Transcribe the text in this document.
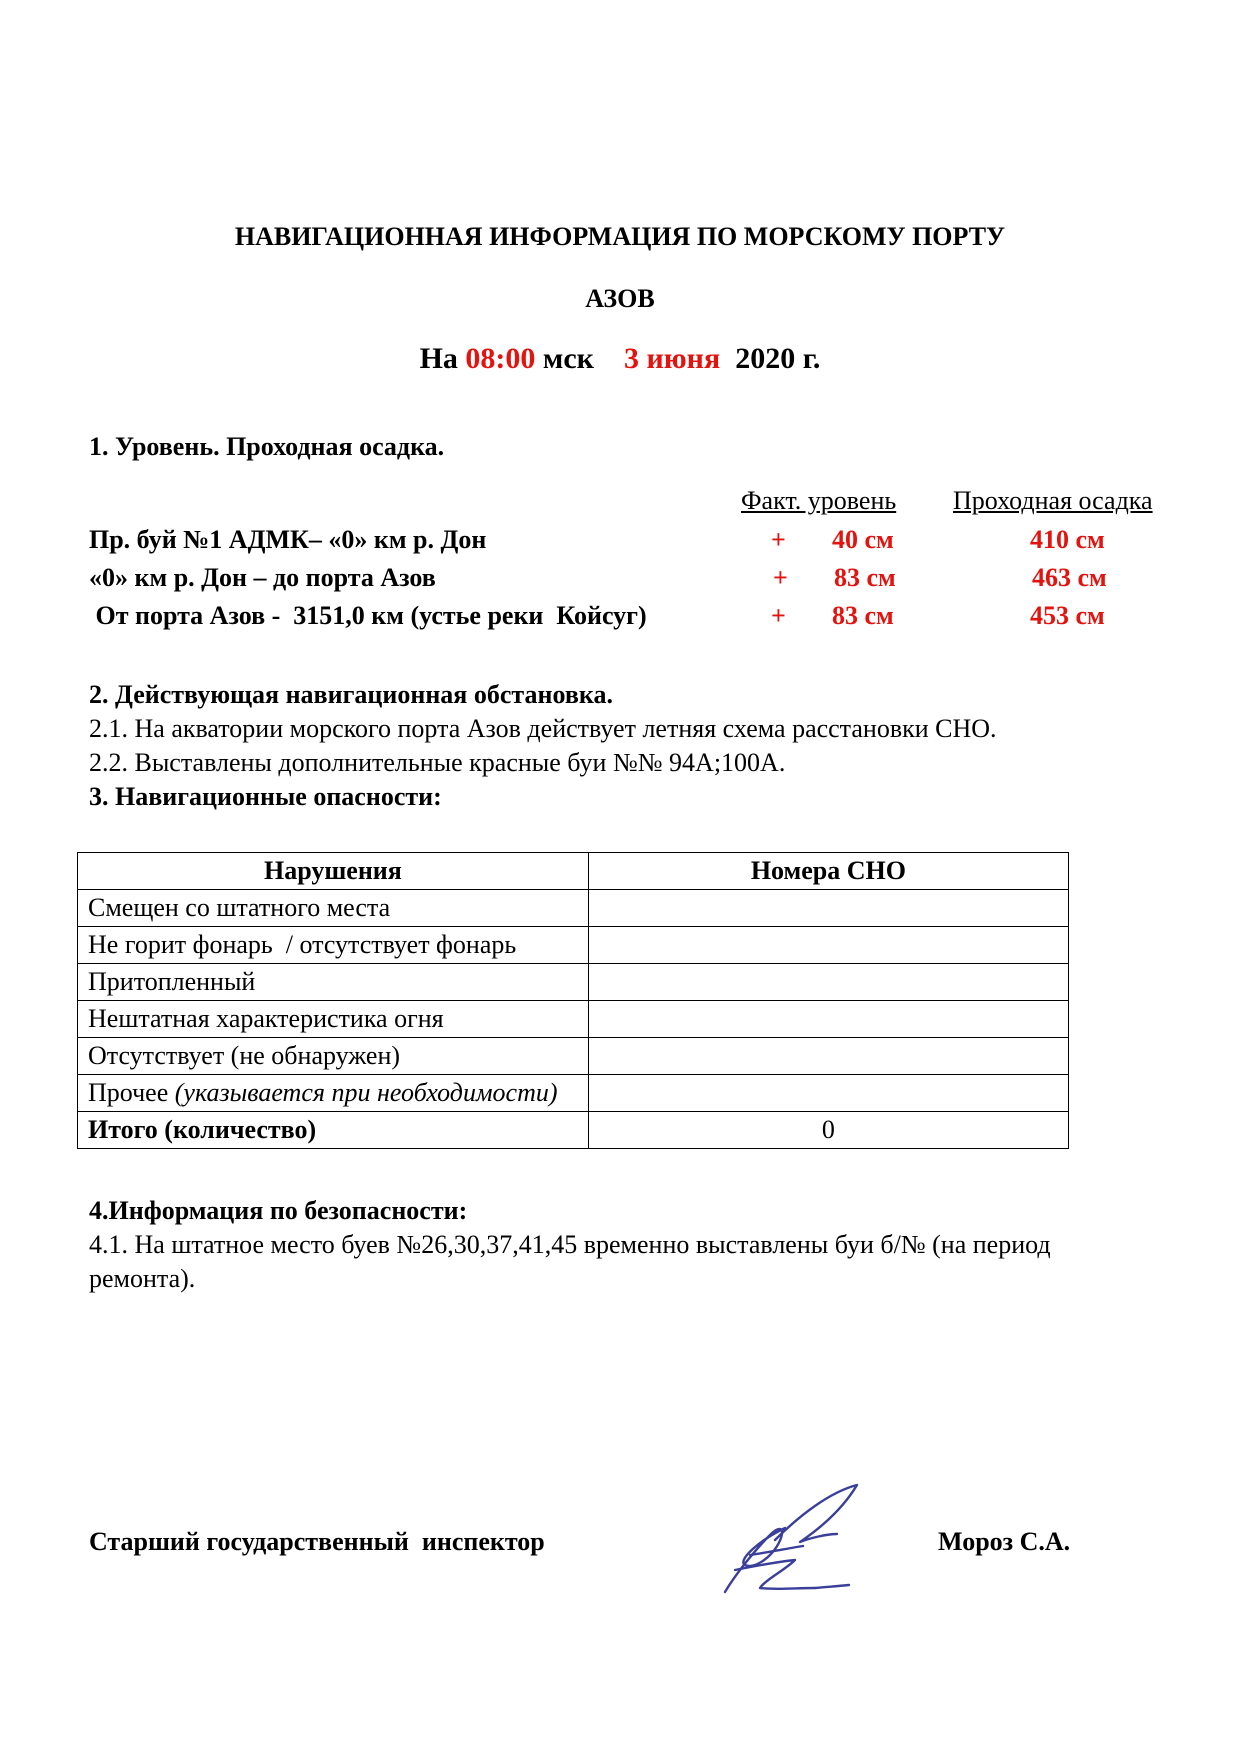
НАВИГАЦИОННАЯ ИНФОРМАЦИЯ ПО МОРСКОМУ ПОРТУ
АЗОВ
На 08:00 мск    3 июня  2020 г.
1. Уровень. Проходная осадка.
Факт. уровень Проходная осадка
Пр. буй №1 АДМК– «0» км р. Дон	+ 40 см	410 см
«0» км р. Дон – до порта Азов	+ 83 см	463 см
От порта Азов -  3151,0 км (устье реки  Койсуг)	+ 83 см	453 см
2. Действующая навигационная обстановка.
2.1. На акватории морского порта Азов действует летняя схема расстановки СНО.
2.2. Выставлены дополнительные красные буи №№ 94А;100А.
3. Навигационные опасности:
Нарушения	Номера СНО
Смещен со штатного места	
Не горит фонарь  / отсутствует фонарь	
Притопленный	
Нештатная характеристика огня	
Отсутствует (не обнаружен)	
Прочее (указывается при необходимости)	
Итого (количество)	0
4.Информация по безопасности:
4.1. На штатное место буев №26,30,37,41,45 временно выставлены буи б/№ (на период
ремонта).
Старший государственный  инспектор	Мороз С.А.
